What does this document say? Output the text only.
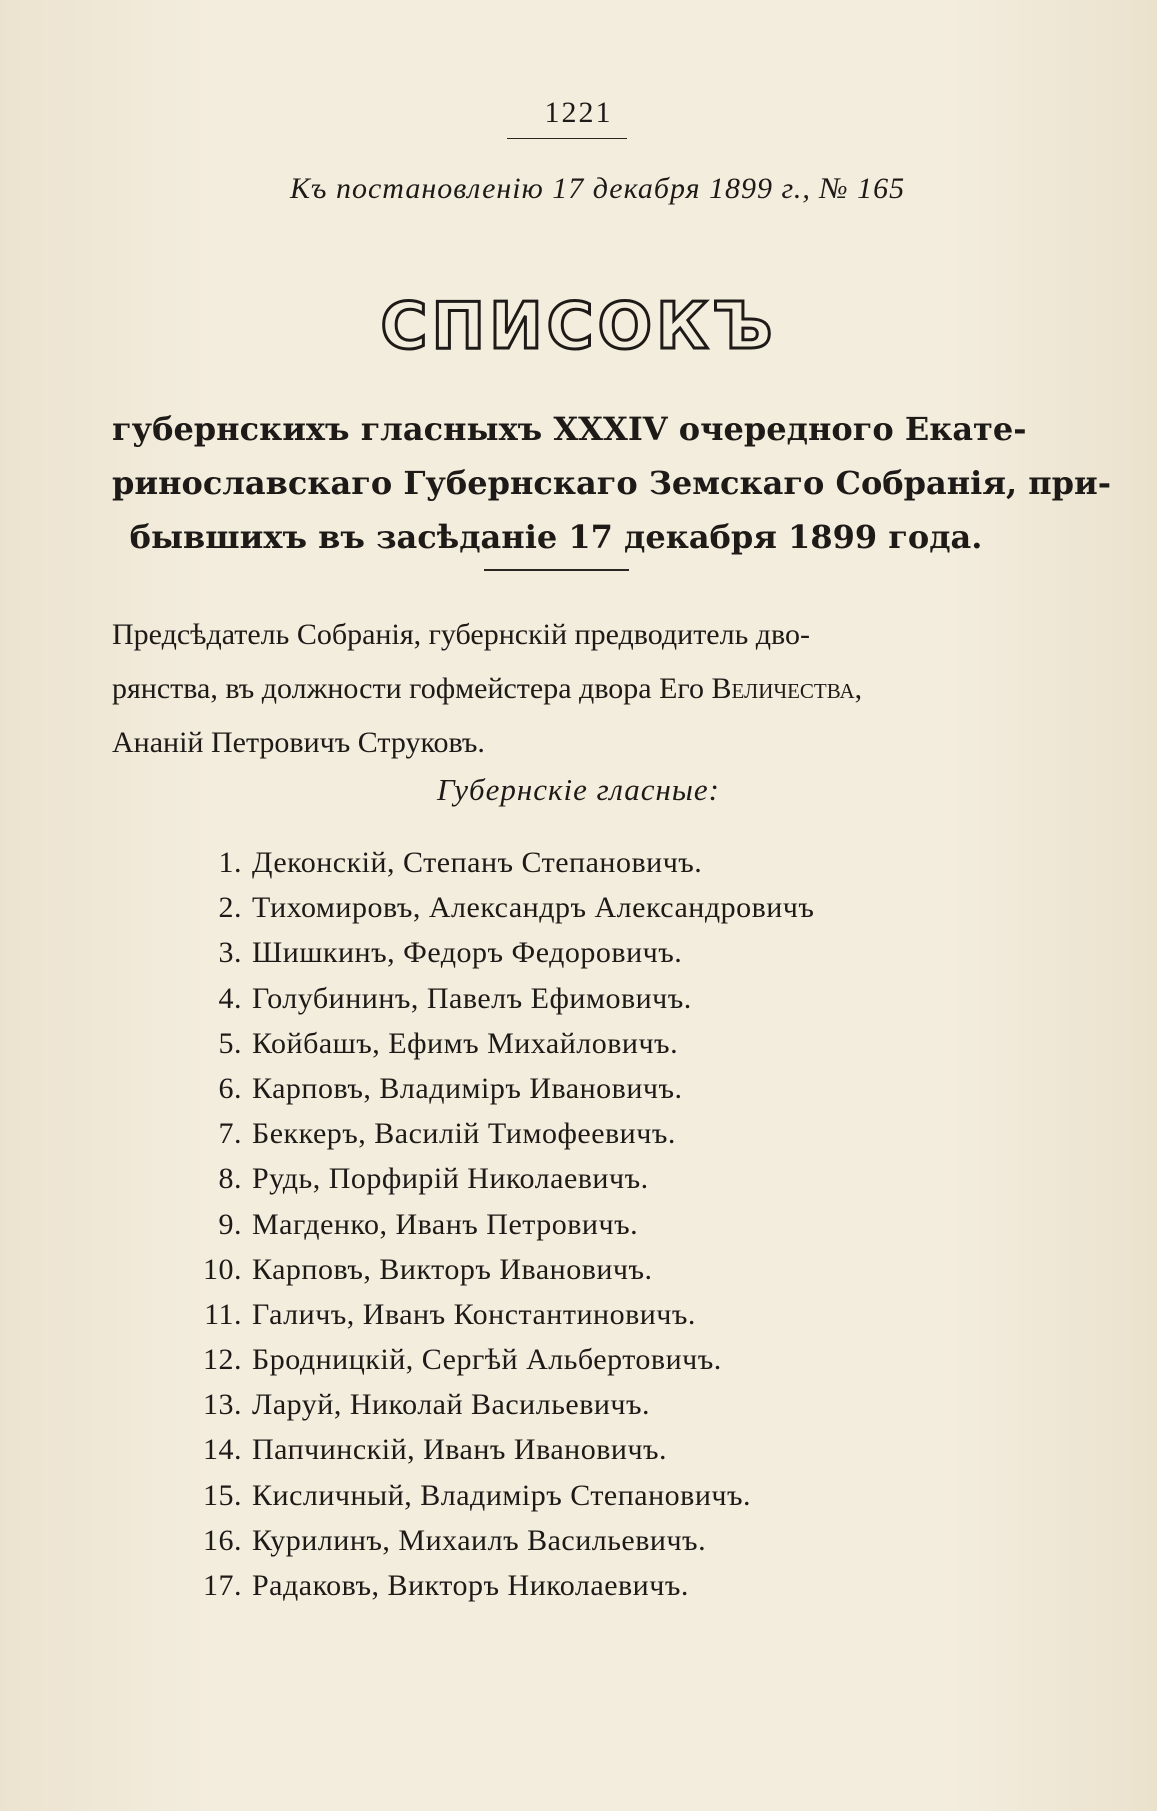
1221
Къ постановленію 17 декабря 1899 г., № 165
СПИСОКЪ
губернскихъ гласныхъ XXXIV очередного Екате-
ринославскаго Губернскаго Земскаго Собранія, при-
бывшихъ въ засѣданіе 17 декабря 1899 года.
Предсѣдатель Собранія, губернскій предводитель дво-
рянства, въ должности гофмейстера двора Его Величества,
Ананій Петровичъ Струковъ.
Губернскіе гласные:
1. Деконскій, Степанъ Степановичъ.
2. Тихомировъ, Александръ Александровичъ
3. Шишкинъ, Федоръ Федоровичъ.
4. Голубининъ, Павелъ Ефимовичъ.
5. Койбашъ, Ефимъ Михайловичъ.
6. Карповъ, Владиміръ Ивановичъ.
7. Беккеръ, Василій Тимофеевичъ.
8. Рудь, Порфирій Николаевичъ.
9. Магденко, Иванъ Петровичъ.
10. Карповъ, Викторъ Ивановичъ.
11. Галичъ, Иванъ Константиновичъ.
12. Бродницкій, Сергѣй Альбертовичъ.
13. Ларуй, Николай Васильевичъ.
14. Папчинскій, Иванъ Ивановичъ.
15. Кисличный, Владиміръ Степановичъ.
16. Курилинъ, Михаилъ Васильевичъ.
17. Радаковъ, Викторъ Николаевичъ.
